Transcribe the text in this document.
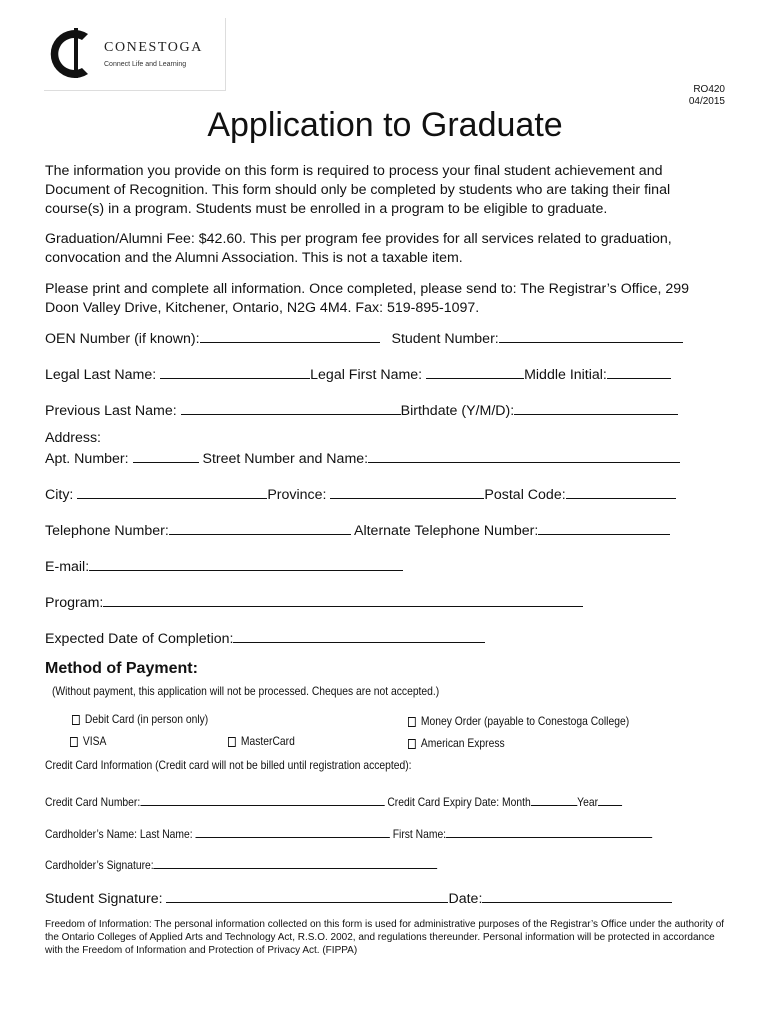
CONESTOGA
Connect Life and Learning
RO420
04/2015
Application to Graduate
The information you provide on this form is required to process your final student achievement and Document of Recognition. This form should only be completed by students who are taking their final course(s) in a program. Students must be enrolled in a program to be eligible to graduate.
Graduation/Alumni Fee: $42.60. This per program fee provides for all services related to graduation, convocation and the Alumni Association. This is not a taxable item.
Please print and complete all information. Once completed, please send to: The Registrar’s Office, 299 Doon Valley Drive, Kitchener, Ontario, N2G 4M4. Fax: 519-895-1097.
OEN Number (if known):	Student Number:
Legal Last Name:	Legal First Name:	Middle Initial:
Previous Last Name:	Birthdate (Y/M/D):
Address:
Apt. Number:	Street Number and Name:
City:	Province:	Postal Code:
Telephone Number:	Alternate Telephone Number:
E-mail:
Program:
Expected Date of Completion:
Method of Payment:
(Without payment, this application will not be processed. Cheques are not accepted.)
Debit Card (in person only)	Money Order (payable to Conestoga College)
VISA	MasterCard	American Express
Credit Card Information (Credit card will not be billed until registration accepted):
Credit Card Number:	Credit Card Expiry Date: Month	Year
Cardholder’s Name: Last Name:	First Name:
Cardholder’s Signature:
Student Signature:	Date:
Freedom of Information: The personal information collected on this form is used for administrative purposes of the Registrar’s Office under the authority of the Ontario Colleges of Applied Arts and Technology Act, R.S.O. 2002, and regulations thereunder. Personal information will be protected in accordance with the Freedom of Information and Protection of Privacy Act. (FIPPA)
